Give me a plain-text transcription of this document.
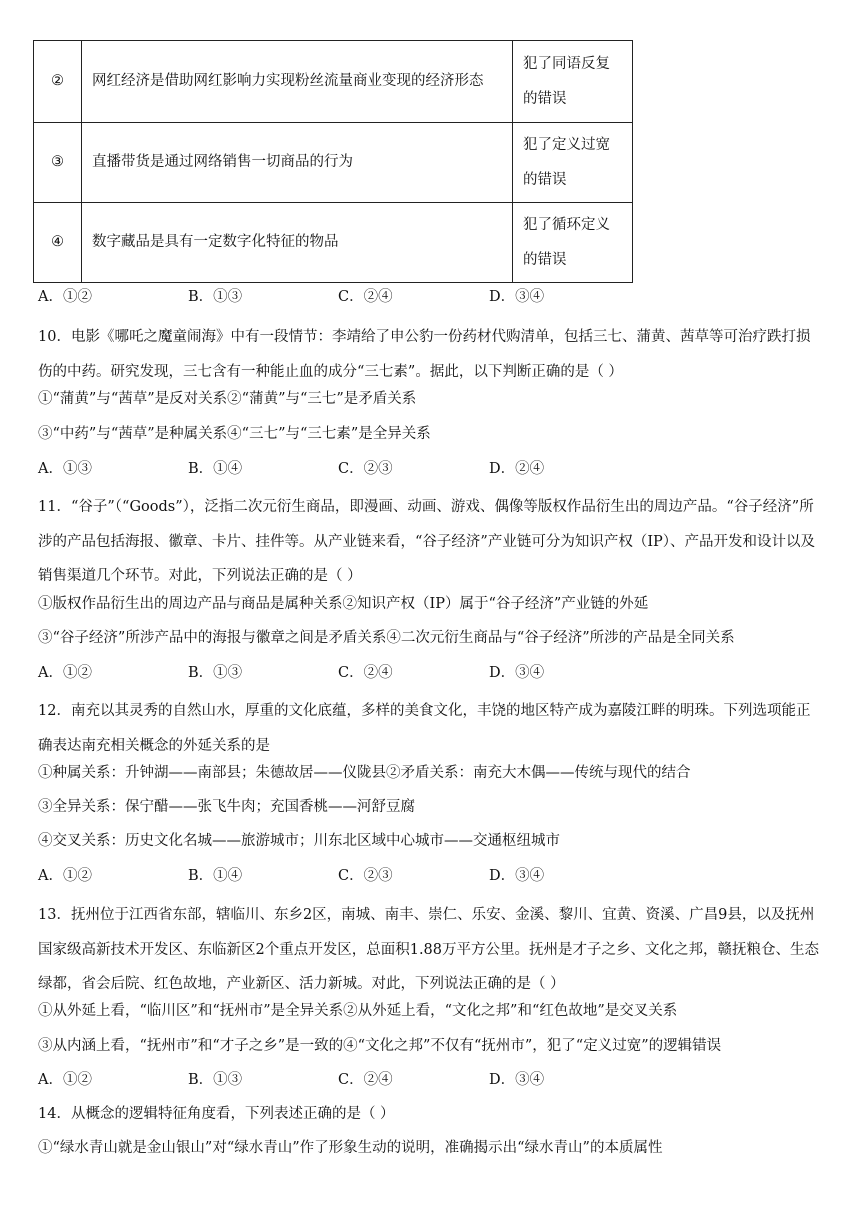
②	网红经济是借助网红影响力实现粉丝流量商业变现的经济形态	犯了同语反复的错误
③	直播带货是通过网络销售一切商品的行为	犯了定义过宽的错误
④	数字藏品是具有一定数字化特征的物品	犯了循环定义的错误
A．①②	B．①③	C．②④	D．③④
10．电影《哪吒之魔童闹海》中有一段情节：李靖给了申公豹一份药材代购清单，包括三七、蒲黄、茜草等可治疗跌打损伤的中药。研究发现，三七含有一种能止血的成分“三七素”。据此，以下判断正确的是（ ）
①“蒲黄”与“茜草”是反对关系②“蒲黄”与“三七”是矛盾关系
③“中药”与“茜草”是种属关系④“三七”与“三七素”是全异关系
A．①③	B．①④	C．②③	D．②④
11．“谷子”（“Goods”），泛指二次元衍生商品，即漫画、动画、游戏、偶像等版权作品衍生出的周边产品。“谷子经济”所涉的产品包括海报、徽章、卡片、挂件等。从产业链来看，“谷子经济”产业链可分为知识产权（IP）、产品开发和设计以及销售渠道几个环节。对此，下列说法正确的是（ ）
①版权作品衍生出的周边产品与商品是属种关系②知识产权（IP）属于“谷子经济”产业链的外延
③“谷子经济”所涉产品中的海报与徽章之间是矛盾关系④二次元衍生商品与“谷子经济”所涉的产品是全同关系
A．①②	B．①③	C．②④	D．③④
12．南充以其灵秀的自然山水，厚重的文化底蕴，多样的美食文化，丰饶的地区特产成为嘉陵江畔的明珠。下列选项能正确表达南充相关概念的外延关系的是
①种属关系：升钟湖——南部县；朱德故居——仪陇县②矛盾关系：南充大木偶——传统与现代的结合
③全异关系：保宁醋——张飞牛肉；充国香桃——河舒豆腐
④交叉关系：历史文化名城——旅游城市；川东北区域中心城市——交通枢纽城市
A．①②	B．①④	C．②③	D．③④
13．抚州位于江西省东部，辖临川、东乡2区，南城、南丰、崇仁、乐安、金溪、黎川、宜黄、资溪、广昌9县，以及抚州国家级高新技术开发区、东临新区2个重点开发区，总面积1.88万平方公里。抚州是才子之乡、文化之邦，赣抚粮仓、生态绿都，省会后院、红色故地，产业新区、活力新城。对此，下列说法正确的是（ ）
①从外延上看，“临川区”和“抚州市”是全异关系②从外延上看，“文化之邦”和“红色故地”是交叉关系
③从内涵上看，“抚州市”和“才子之乡”是一致的④“文化之邦”不仅有“抚州市”，犯了“定义过宽”的逻辑错误
A．①②	B．①③	C．②④	D．③④
14．从概念的逻辑特征角度看，下列表述正确的是（ ）
①“绿水青山就是金山银山”对“绿水青山”作了形象生动的说明，准确揭示出“绿水青山”的本质属性
